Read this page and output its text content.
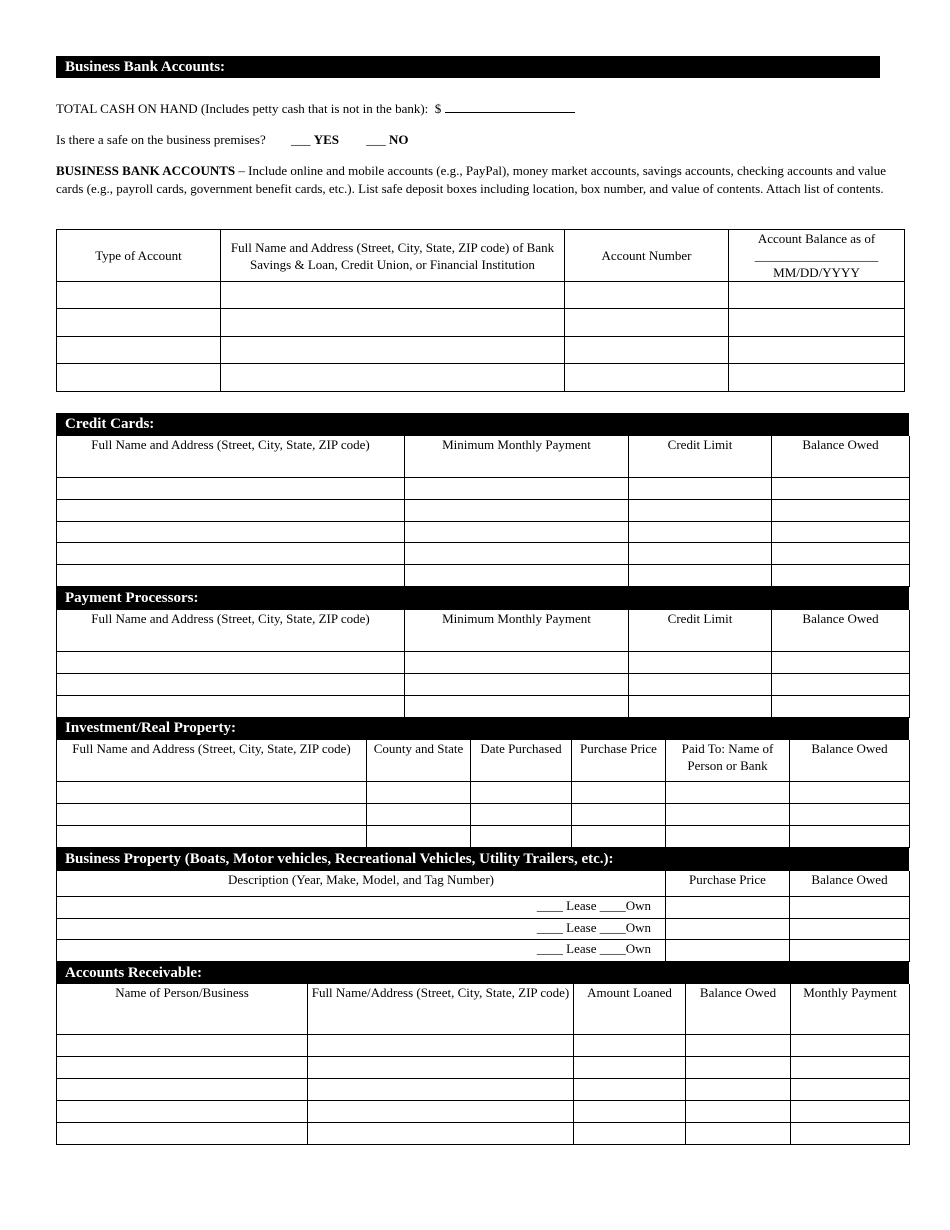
Business Bank Accounts:
TOTAL CASH ON HAND (Includes petty cash that is not in the bank): $
Is there a safe on the business premises? ___ YES ___ NO
BUSINESS BANK ACCOUNTS – Include online and mobile accounts (e.g., PayPal), money market accounts, savings accounts, checking accounts and value cards (e.g., payroll cards, government benefit cards, etc.). List safe deposit boxes including location, box number, and value of contents. Attach list of contents.
Type of Account	Full Name and Address (Street, City, State, ZIP code) of Bank Savings & Loan, Credit Union, or Financial Institution	Account Number	Account Balance as of
___________________
MM/DD/YYYY

Credit Cards:
Full Name and Address (Street, City, State, ZIP code)	Minimum Monthly Payment	Credit Limit	Balance Owed

Payment Processors:
Full Name and Address (Street, City, State, ZIP code)	Minimum Monthly Payment	Credit Limit	Balance Owed

Investment/Real Property:
Full Name and Address (Street, City, State, ZIP code)	County and State	Date Purchased	Purchase Price	Paid To: Name of Person or Bank	Balance Owed

Business Property (Boats, Motor vehicles, Recreational Vehicles, Utility Trailers, etc.):
Description (Year, Make, Model, and Tag Number)	Purchase Price	Balance Owed
____ Lease ____Own		
____ Lease ____Own		
____ Lease ____Own		
Accounts Receivable:
Name of Person/Business	Full Name/Address (Street, City, State, ZIP code)	Amount Loaned	Balance Owed	Monthly Payment
